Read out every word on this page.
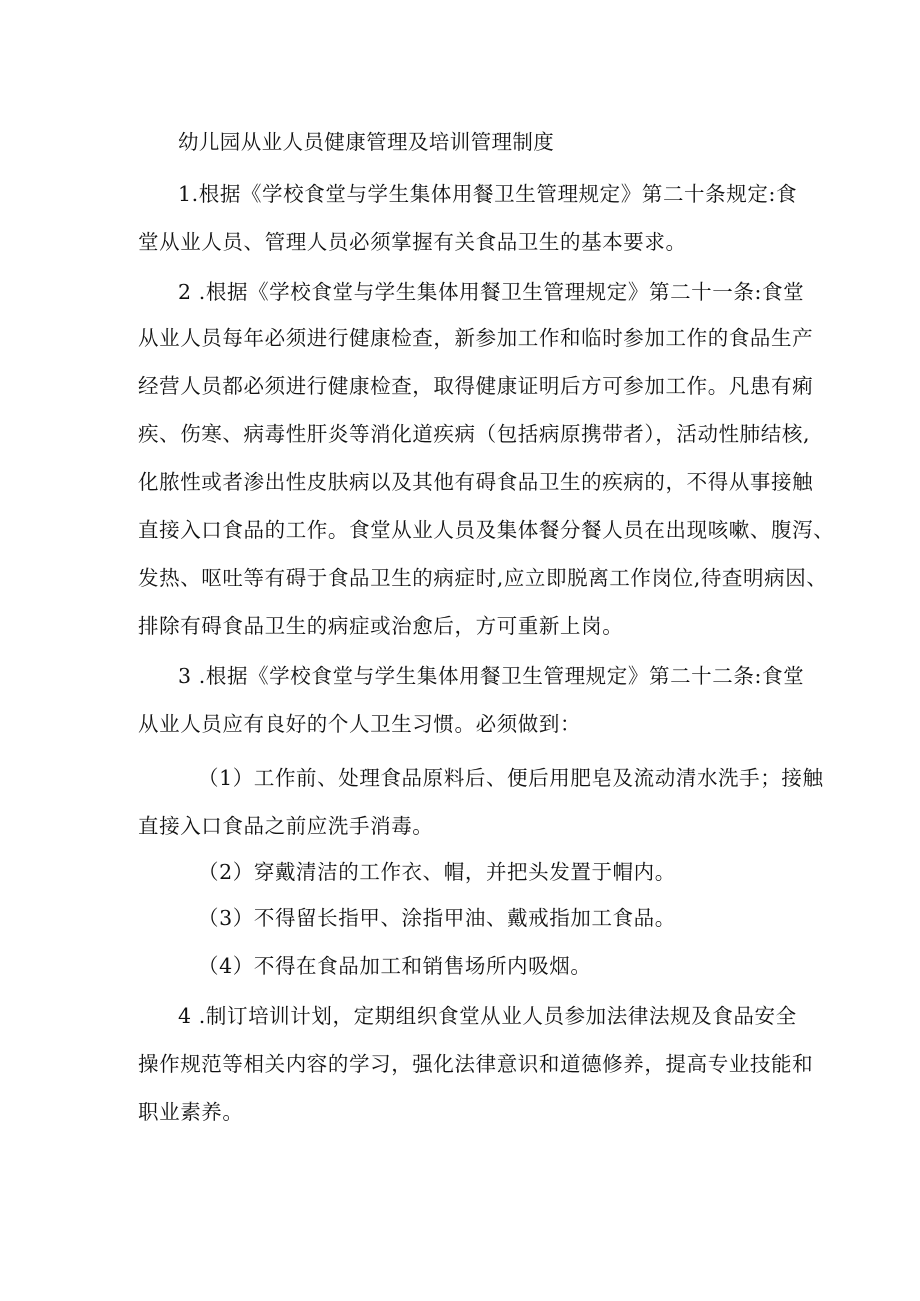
幼儿园从业人员健康管理及培训管理制度
1.根据《学校食堂与学生集体用餐卫生管理规定》第二十条规定:食
堂从业人员、管理人员必须掌握有关食品卫生的基本要求。
2 .根据《学校食堂与学生集体用餐卫生管理规定》第二十一条:食堂
从业人员每年必须进行健康检查，新参加工作和临时参加工作的食品生产
经营人员都必须进行健康检查，取得健康证明后方可参加工作。凡患有痢
疾、伤寒、病毒性肝炎等消化道疾病（包括病原携带者），活动性肺结核,
化脓性或者渗出性皮肤病以及其他有碍食品卫生的疾病的，不得从事接触
直接入口食品的工作。食堂从业人员及集体餐分餐人员在出现咳嗽、腹泻、
发热、呕吐等有碍于食品卫生的病症时,应立即脱离工作岗位,待查明病因、
排除有碍食品卫生的病症或治愈后，方可重新上岗。
3 .根据《学校食堂与学生集体用餐卫生管理规定》第二十二条:食堂
从业人员应有良好的个人卫生习惯。必须做到：
（1）工作前、处理食品原料后、便后用肥皂及流动清水洗手；接触
直接入口食品之前应洗手消毒。
（2）穿戴清洁的工作衣、帽，并把头发置于帽内。
（3）不得留长指甲、涂指甲油、戴戒指加工食品。
（4）不得在食品加工和销售场所内吸烟。
4 .制订培训计划，定期组织食堂从业人员参加法律法规及食品安全
操作规范等相关内容的学习，强化法律意识和道德修养，提高专业技能和
职业素养。
